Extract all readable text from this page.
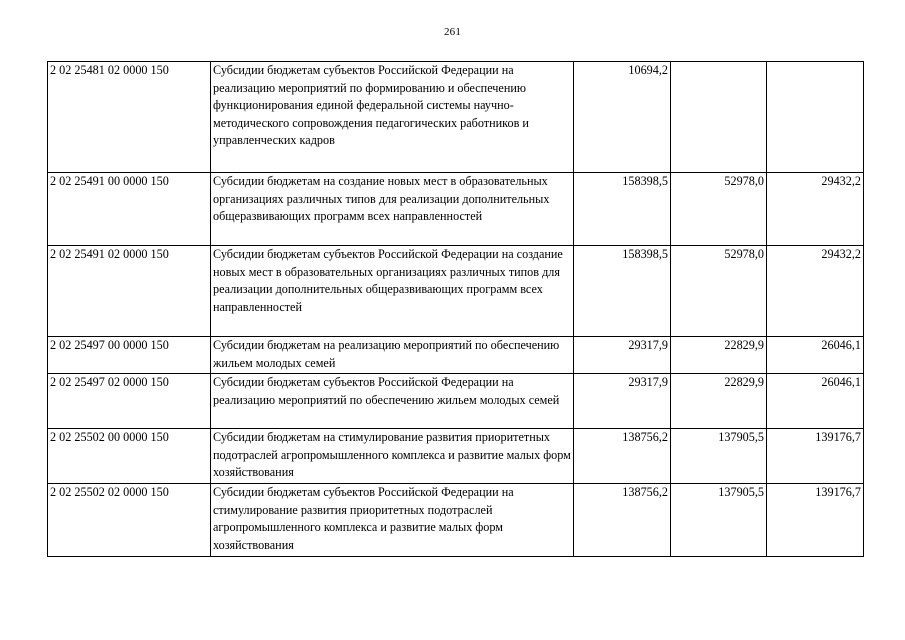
261
2 02 25481 02 0000 150	Субсидии бюджетам субъектов Российской Федерации на реализацию мероприятий по формированию и обеспечению функционирования единой федеральной системы научно-методического сопровождения педагогических работников и управленческих кадров	10694,2		
2 02 25491 00 0000 150	Субсидии бюджетам на создание новых мест в образовательных организациях различных типов для реализации дополнительных общеразвивающих программ всех направленностей	158398,5	52978,0	29432,2
2 02 25491 02 0000 150	Субсидии бюджетам субъектов Российской Федерации на создание новых мест в образовательных организациях различных типов для реализации дополнительных общеразвивающих программ всех направленностей	158398,5	52978,0	29432,2
2 02 25497 00 0000 150	Субсидии бюджетам на реализацию мероприятий по обеспечению жильем молодых семей	29317,9	22829,9	26046,1
2 02 25497 02 0000 150	Субсидии бюджетам субъектов Российской Федерации на реализацию мероприятий по обеспечению жильем молодых семей	29317,9	22829,9	26046,1
2 02 25502 00 0000 150	Субсидии бюджетам на стимулирование развития приоритетных подотраслей агропромышленного комплекса и развитие малых форм хозяйствования	138756,2	137905,5	139176,7
2 02 25502 02 0000 150	Субсидии бюджетам субъектов Российской Федерации на стимулирование развития приоритетных подотраслей агропромышленного комплекса и развитие малых форм хозяйствования	138756,2	137905,5	139176,7
